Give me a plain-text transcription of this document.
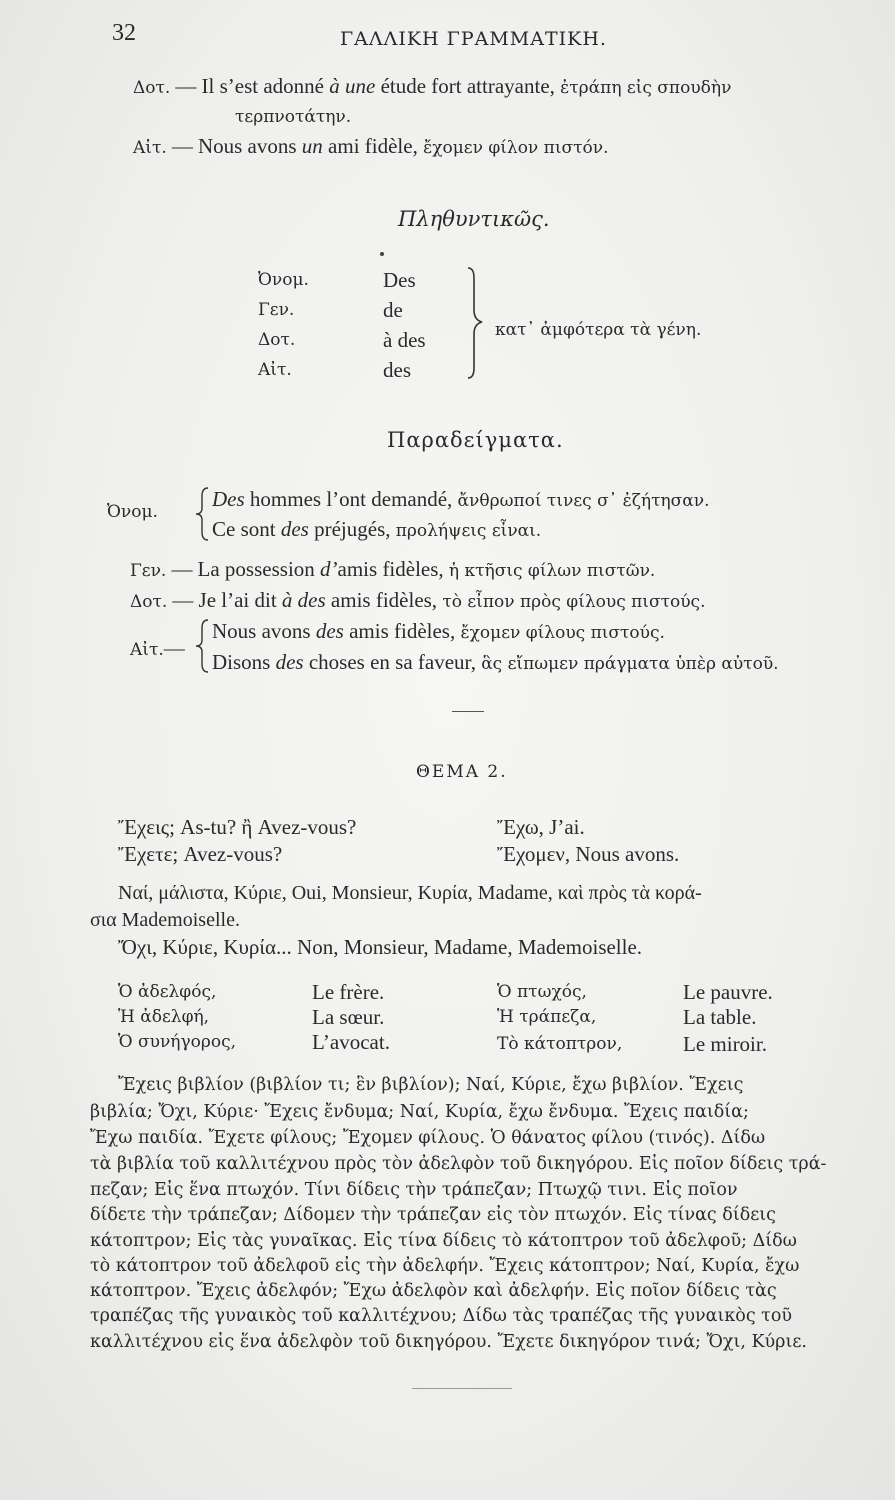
32	ΓΑΛΛΙΚΗ ΓΡΑΜΜΑΤΙΚΗ.
Δοτ. — Il s’est adonné à une étude fort attrayante, ἐτράπη εἰς σπουδὴν
τερπνοτάτην.
Αἰτ. — Nous avons un ami fidèle, ἔχομεν φίλον πιστόν.
Πληθυντικῶς.
Ὀνομ.	Des
Γεν.	de
Δοτ.	à des
Αἰτ.	des
κατ᾽ ἀμφότερα τὰ γένη.
Παραδείγματα.
Ὀνομ.
Des hommes l’ont demandé, ἄνθρωποί τινες σ᾽ ἐζήτησαν.
Ce sont des préjugés, προλήψεις εἶναι.
Γεν. — La possession d’amis fidèles, ἡ κτῆσις φίλων πιστῶν.
Δοτ. — Je l’ai dit à des amis fidèles, τὸ εἶπον πρὸς φίλους πιστούς.
Αἰτ.—
Nous avons des amis fidèles, ἔχομεν φίλους πιστούς.
Disons des choses en sa faveur, ἃς εἴπωμεν πράγματα ὑπὲρ αὐτοῦ.
ΘΕΜΑ 2.
Ἔχεις; As-tu? ἢ Avez-vous?	Ἔχω, J’ai.
Ἔχετε; Avez-vous?	Ἔχομεν, Nous avons.
Ναί, μάλιστα, Κύριε, Oui, Monsieur, Κυρία, Madame, καὶ πρὸς τὰ κορά-
σια Mademoiselle.
Ὄχι, Κύριε, Κυρία... Non, Monsieur, Madame, Mademoiselle.
Ὁ ἀδελφός,	Le frère.	Ὁ πτωχός,	Le pauvre.
Ἡ ἀδελφή,	La sœur.	Ἡ τράπεζα,	La table.
Ὁ συνήγορος,	L’avocat.	Τὸ κάτοπτρον,	Le miroir.
Ἔχεις βιβλίον (βιβλίον τι; ἓν βιβλίον); Ναί, Κύριε, ἔχω βιβλίον. Ἔχεις
βιβλία; Ὄχι, Κύριε· Ἔχεις ἔνδυμα; Ναί, Κυρία, ἔχω ἔνδυμα. Ἔχεις παιδία;
Ἔχω παιδία. Ἔχετε φίλους; Ἔχομεν φίλους. Ὁ θάνατος φίλου (τινός). Δίδω
τὰ βιβλία τοῦ καλλιτέχνου πρὸς τὸν ἀδελφὸν τοῦ δικηγόρου. Εἰς ποῖον δίδεις τρά-
πεζαν; Εἰς ἕνα πτωχόν. Τίνι δίδεις τὴν τράπεζαν; Πτωχῷ τινι. Εἰς ποῖον
δίδετε τὴν τράπεζαν; Δίδομεν τὴν τράπεζαν εἰς τὸν πτωχόν. Εἰς τίνας δίδεις
κάτοπτρον; Εἰς τὰς γυναῖκας. Εἰς τίνα δίδεις τὸ κάτοπτρον τοῦ ἀδελφοῦ; Δίδω
τὸ κάτοπτρον τοῦ ἀδελφοῦ εἰς τὴν ἀδελφήν. Ἔχεις κάτοπτρον; Ναί, Κυρία, ἔχω
κάτοπτρον. Ἔχεις ἀδελφόν; Ἔχω ἀδελφὸν καὶ ἀδελφήν. Εἰς ποῖον δίδεις τὰς
τραπέζας τῆς γυναικὸς τοῦ καλλιτέχνου; Δίδω τὰς τραπέζας τῆς γυναικὸς τοῦ
καλλιτέχνου εἰς ἕνα ἀδελφὸν τοῦ δικηγόρου. Ἔχετε δικηγόρον τινά; Ὄχι, Κύριε.
